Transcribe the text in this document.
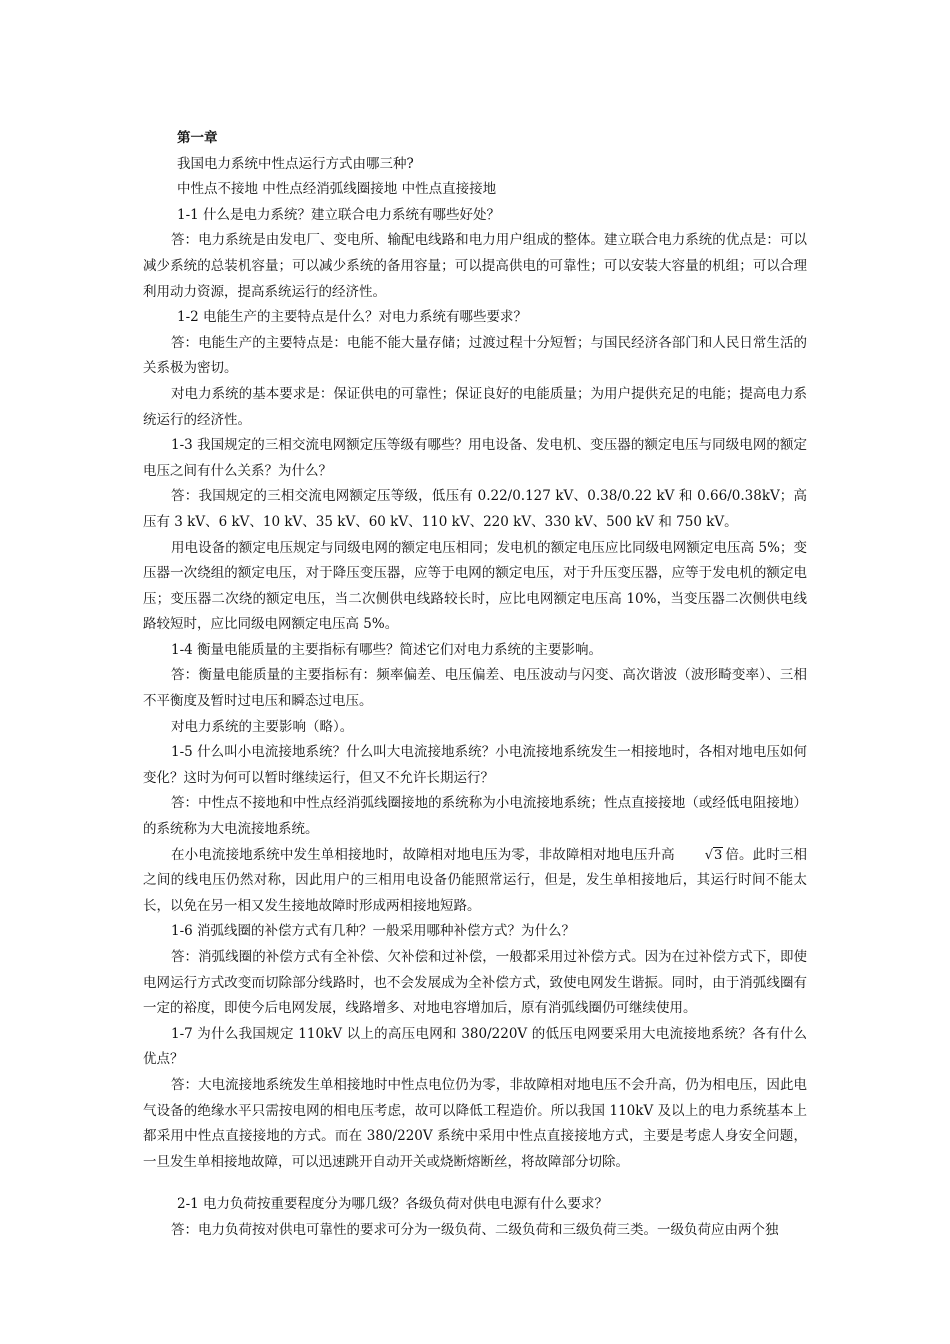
第一章

我国电力系统中性点运行方式由哪三种?

中性点不接地 中性点经消弧线圈接地 中性点直接接地

1-1 什么是电力系统？建立联合电力系统有哪些好处？

答：电力系统是由发电厂、变电所、输配电线路和电力用户组成的整体。建立联合电力系统的优点是：可以减少系统的总装机容量；可以减少系统的备用容量；可以提高供电的可靠性；可以安装大容量的机组；可以合理利用动力资源，提高系统运行的经济性。

1-2 电能生产的主要特点是什么？对电力系统有哪些要求？

答：电能生产的主要特点是：电能不能大量存储；过渡过程十分短暂；与国民经济各部门和人民日常生活的关系极为密切。

对电力系统的基本要求是：保证供电的可靠性；保证良好的电能质量；为用户提供充足的电能；提高电力系统运行的经济性。

1-3 我国规定的三相交流电网额定压等级有哪些？用电设备、发电机、变压器的额定电压与同级电网的额定电压之间有什么关系？为什么？

答：我国规定的三相交流电网额定压等级，低压有 0.22/0.127 kV、0.38/0.22 kV 和 0.66/0.38kV；高压有 3 kV、6 kV、10 kV、35 kV、60 kV、110 kV、220 kV、330 kV、500 kV 和 750 kV。

用电设备的额定电压规定与同级电网的额定电压相同；发电机的额定电压应比同级电网额定电压高 5%；变压器一次绕组的额定电压，对于降压变压器，应等于电网的额定电压，对于升压变压器，应等于发电机的额定电压；变压器二次绕的额定电压，当二次侧供电线路较长时，应比电网额定电压高 10%，当变压器二次侧供电线路较短时，应比同级电网额定电压高 5%。

1-4 衡量电能质量的主要指标有哪些？简述它们对电力系统的主要影响。

答：衡量电能质量的主要指标有：频率偏差、电压偏差、电压波动与闪变、高次谐波（波形畸变率）、三相不平衡度及暂时过电压和瞬态过电压。

对电力系统的主要影响（略）。

1-5 什么叫小电流接地系统？什么叫大电流接地系统？小电流接地系统发生一相接地时，各相对地电压如何变化？这时为何可以暂时继续运行，但又不允许长期运行？

答：中性点不接地和中性点经消弧线圈接地的系统称为小电流接地系统；性点直接接地（或经低电阻接地）的系统称为大电流接地系统。

在小电流接地系统中发生单相接地时，故障相对地电压为零，非故障相对地电压升高 √3 倍。此时三相之间的线电压仍然对称，因此用户的三相用电设备仍能照常运行，但是，发生单相接地后，其运行时间不能太长，以免在另一相又发生接地故障时形成两相接地短路。

1-6 消弧线圈的补偿方式有几种？一般采用哪种补偿方式？为什么？

答：消弧线圈的补偿方式有全补偿、欠补偿和过补偿，一般都采用过补偿方式。因为在过补偿方式下，即使电网运行方式改变而切除部分线路时，也不会发展成为全补偿方式，致使电网发生谐振。同时，由于消弧线圈有一定的裕度，即使今后电网发展，线路增多、对地电容增加后，原有消弧线圈仍可继续使用。

1-7 为什么我国规定 110kV 以上的高压电网和 380/220V 的低压电网要采用大电流接地系统？各有什么优点？

答：大电流接地系统发生单相接地时中性点电位仍为零，非故障相对地电压不会升高，仍为相电压，因此电气设备的绝缘水平只需按电网的相电压考虑，故可以降低工程造价。所以我国 110kV 及以上的电力系统基本上都采用中性点直接接地的方式。而在 380/220V 系统中采用中性点直接接地方式，主要是考虑人身安全问题，一旦发生单相接地故障，可以迅速跳开自动开关或烧断熔断丝，将故障部分切除。

2-1 电力负荷按重要程度分为哪几级？各级负荷对供电电源有什么要求？

答：电力负荷按对供电可靠性的要求可分为一级负荷、二级负荷和三级负荷三类。一级负荷应由两个独
